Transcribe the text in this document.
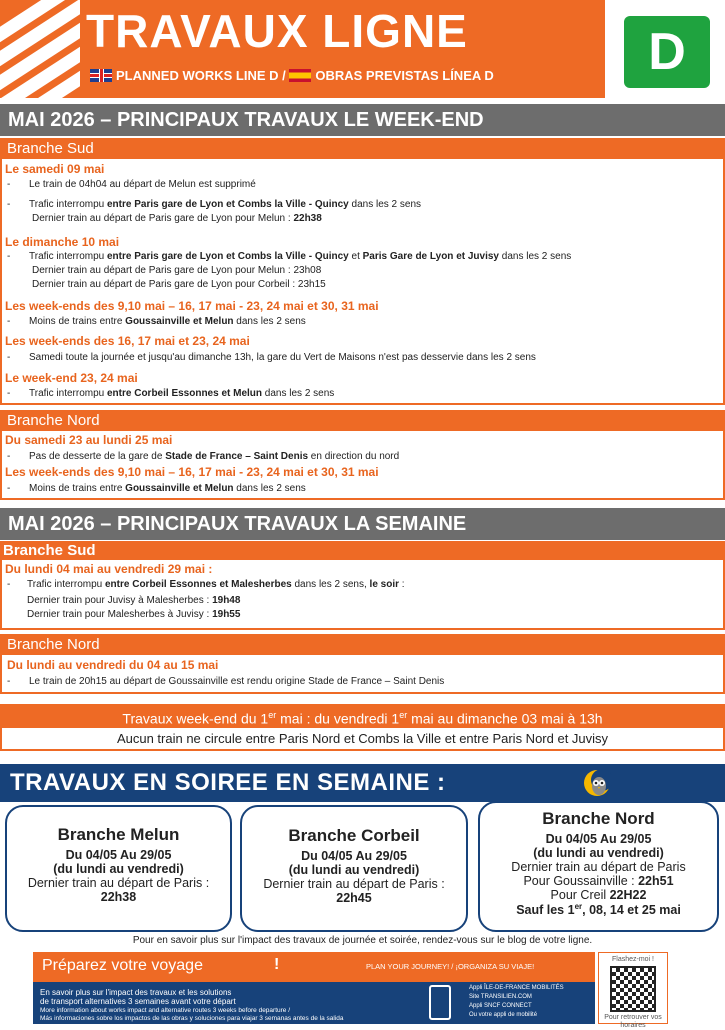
TRAVAUX LIGNE
PLANNED WORKS LINE D / OBRAS PREVISTAS LÍNEA D	D
MAI 2026 – PRINCIPAUX TRAVAUX LE WEEK-END
Branche Sud
Le samedi 09 mai
- Le train de 04h04 au départ de Melun est supprimé
- Trafic interrompu entre Paris gare de Lyon et Combs la Ville - Quincy dans les 2 sens
Dernier train au départ de Paris gare de Lyon pour Melun : 22h38
Le dimanche 10 mai
- Trafic interrompu entre Paris gare de Lyon et Combs la Ville - Quincy et Paris Gare de Lyon et Juvisy dans les 2 sens
Dernier train au départ de Paris gare de Lyon pour Melun : 23h08
Dernier train au départ de Paris gare de Lyon pour Corbeil : 23h15
Les week-ends des 9,10 mai – 16, 17 mai - 23, 24 mai et 30, 31 mai
- Moins de trains entre Goussainville et Melun dans les 2 sens
Les week-ends des 16, 17 mai et 23, 24 mai
- Samedi toute la journée et jusqu'au dimanche 13h, la gare du Vert de Maisons n'est pas desservie dans les 2 sens
Le week-end 23, 24 mai
- Trafic interrompu entre Corbeil Essonnes et Melun dans les 2 sens
Branche Nord
Du samedi 23 au lundi 25 mai
- Pas de desserte de la gare de Stade de France – Saint Denis en direction du nord
Les week-ends des 9,10 mai – 16, 17 mai - 23, 24 mai et 30, 31 mai
- Moins de trains entre Goussainville et Melun dans les 2 sens
MAI 2026 – PRINCIPAUX TRAVAUX LA SEMAINE
Branche Sud
Du lundi 04 mai au vendredi 29 mai :
- Trafic interrompu entre Corbeil Essonnes et Malesherbes dans les 2 sens, le soir :
Dernier train pour Juvisy à Malesherbes : 19h48
Dernier train pour Malesherbes à Juvisy : 19h55
Branche Nord
Du lundi au vendredi du 04 au 15 mai
- Le train de 20h15 au départ de Goussainville est rendu origine Stade de France – Saint Denis
Travaux week-end du 1er mai : du vendredi 1er mai au dimanche 03 mai à 13h
Aucun train ne circule entre Paris Nord et Combs la Ville et entre Paris Nord et Juvisy
TRAVAUX EN SOIREE EN SEMAINE :
Branche Melun
Du 04/05 Au 29/05
(du lundi au vendredi)
Dernier train au départ de Paris :
22h38
Branche Corbeil
Du 04/05 Au 29/05
(du lundi au vendredi)
Dernier train au départ de Paris :
22h45
Branche Nord
Du 04/05 Au 29/05
(du lundi au vendredi)
Dernier train au départ de Paris
Pour Goussainville : 22h51
Pour Creil 22H22
Sauf les 1er, 08, 14 et 25 mai
Pour en savoir plus sur l'impact des travaux de journée et soirée, rendez-vous sur le blog de votre ligne.
Préparez votre voyage	!	PLAN YOUR JOURNEY! / ¡ORGANIZA SU VIAJE!
En savoir plus sur l'impact des travaux et les solutions
de transport alternatives 3 semaines avant votre départ
More information about works impact and alternative routes 3 weeks before departure /
Más informaciones sobre los impactos de las obras y soluciones para viajar 3 semanas antes de la salida
Appli ÎLE-DE-FRANCE MOBILITÉS
Site TRANSILIEN.COM
Appli SNCF CONNECT
Ou votre appli de mobilité
Flashez-moi !
Pour retrouver vos horaires
